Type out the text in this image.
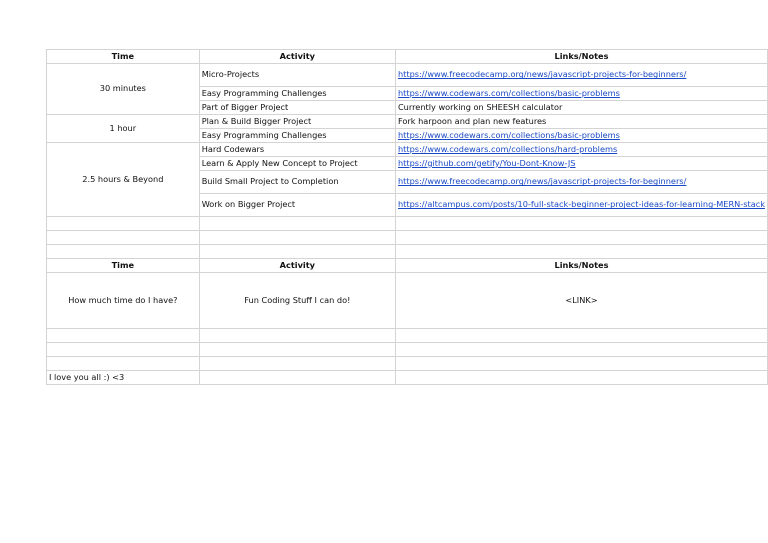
Time	Activity	Links/Notes
30 minutes	Micro-Projects	https://www.freecodecamp.org/news/javascript-projects-for-beginners/
	Easy Programming Challenges	https://www.codewars.com/collections/basic-problems
	Part of Bigger Project	Currently working on SHEESH calculator
1 hour	Plan & Build Bigger Project	Fork harpoon and plan new features
	Easy Programming Challenges	https://www.codewars.com/collections/basic-problems
2.5 hours & Beyond	Hard Codewars	https://www.codewars.com/collections/hard-problems
	Learn & Apply New Concept to Project	https://github.com/getify/You-Dont-Know-JS
	Build Small Project to Completion	https://www.freecodecamp.org/news/javascript-projects-for-beginners/
	Work on Bigger Project	https://altcampus.com/posts/10-full-stack-beginner-project-ideas-for-learning-MERN-stack

Time	Activity	Links/Notes
How much time do I have?	Fun Coding Stuff I can do!	<LINK>

I love you all :) <3		
